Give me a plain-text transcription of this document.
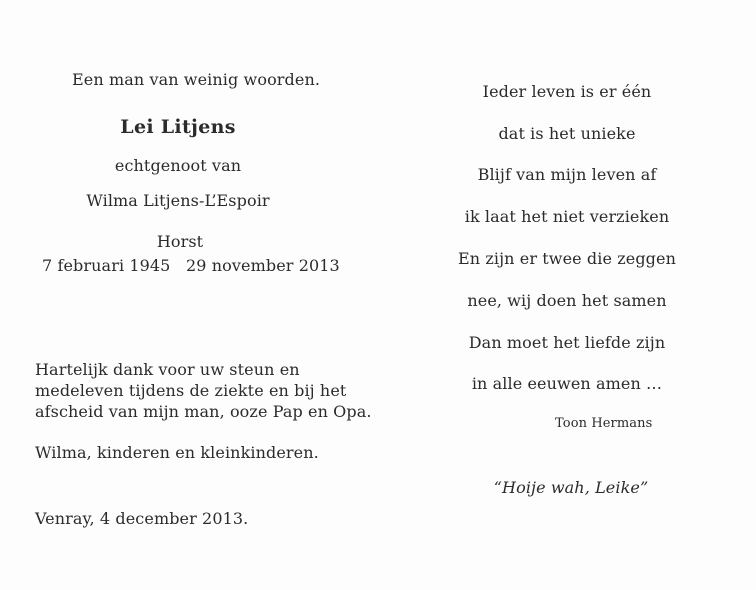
Een man van weinig woorden.
Lei Litjens
echtgenoot van
Wilma Litjens-L’Espoir
Horst
7 februari 1945 29 november 2013
Hartelijk dank voor uw steun en
medeleven tijdens de ziekte en bij het
afscheid van mijn man, ooze Pap en Opa.
Wilma, kinderen en kleinkinderen.
Venray, 4 december 2013.
Ieder leven is er één
dat is het unieke
Blijf van mijn leven af
ik laat het niet verzieken
En zijn er twee die zeggen
nee, wij doen het samen
Dan moet het liefde zijn
in alle eeuwen amen …
Toon Hermans
“Hoije wah, Leike”
